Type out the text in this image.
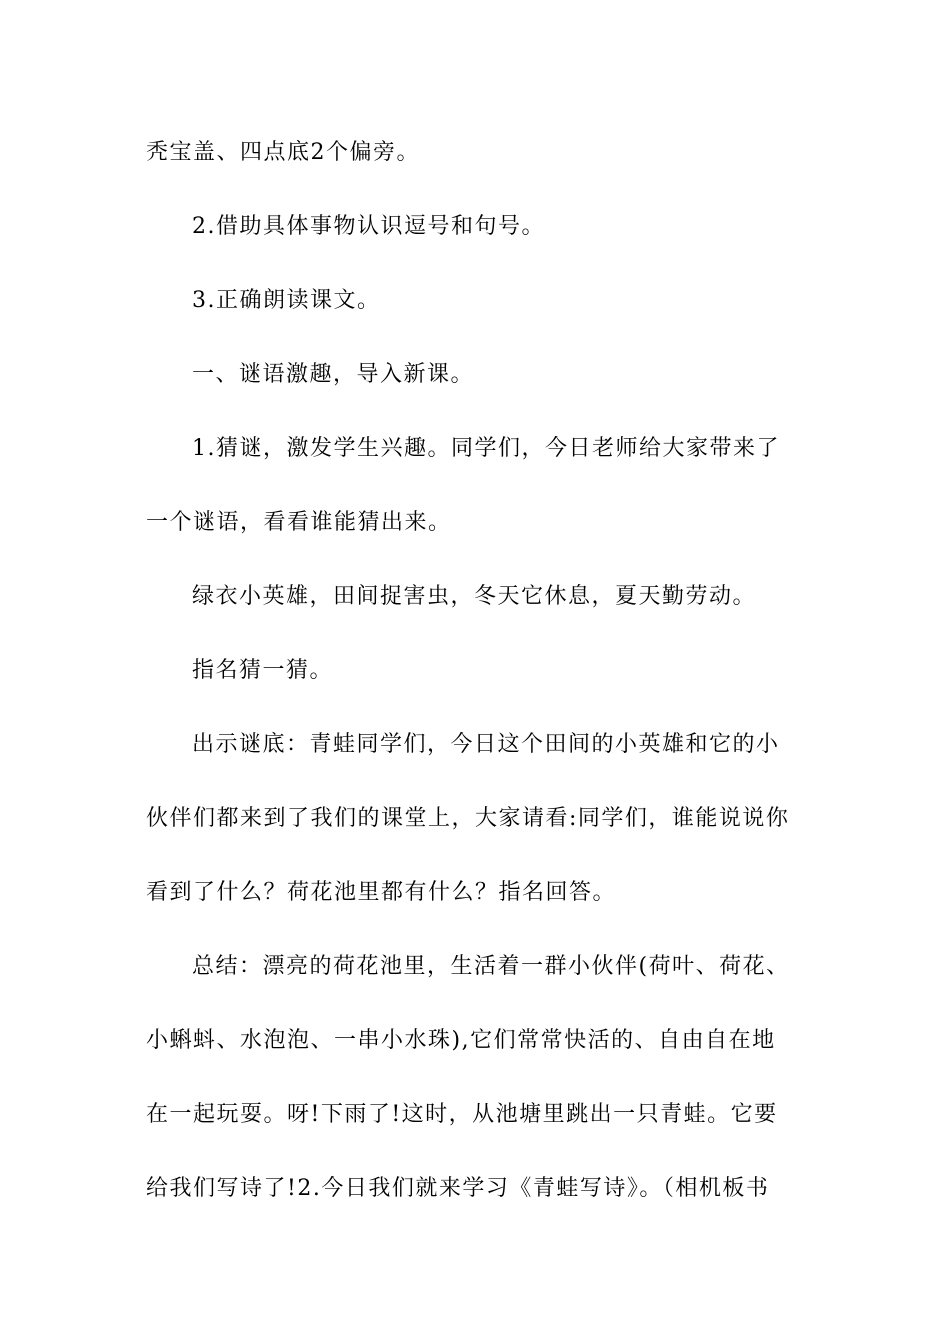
秃宝盖、四点底2个偏旁。
2.借助具体事物认识逗号和句号。
3.正确朗读课文。
一、谜语激趣，导入新课。
1.猜谜，激发学生兴趣。同学们，今日老师给大家带来了
一个谜语，看看谁能猜出来。
绿衣小英雄，田间捉害虫，冬天它休息，夏天勤劳动。
指名猜一猜。
出示谜底：青蛙同学们，今日这个田间的小英雄和它的小
伙伴们都来到了我们的课堂上，大家请看:同学们，谁能说说你
看到了什么？荷花池里都有什么？指名回答。
总结：漂亮的荷花池里，生活着一群小伙伴(荷叶、荷花、
小蝌蚪、水泡泡、一串小水珠),它们常常快活的、自由自在地
在一起玩耍。呀!下雨了!这时，从池塘里跳出一只青蛙。它要
给我们写诗了!2.今日我们就来学习《青蛙写诗》。（相机板书
